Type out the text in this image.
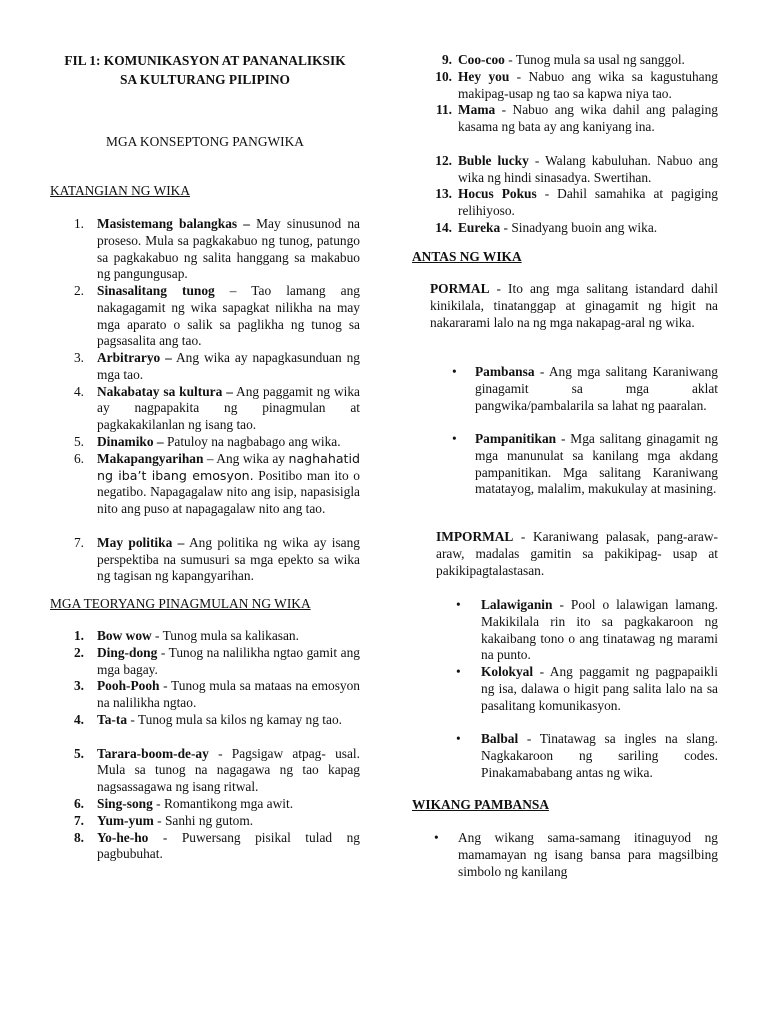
FIL 1: KOMUNIKASYON AT PANANALIKSIK

SA KULTURANG PILIPINO

MGA KONSEPTONG PANGWIKA

KATANGIAN NG WIKA

1. Masistemang balangkas – May sinusunod na proseso. Mula sa pagkakabuo ng tunog, patungo sa pagkakabuo ng salita hanggang sa makabuo ng pangungusap.
2. Sinasalitang tunog – Tao lamang ang nakagagamit ng wika sapagkat nilikha na may mga aparato o salik sa paglikha ng tunog sa pagsasalita ang tao.
3. Arbitraryo – Ang wika ay napagkasunduan ng mga tao.
4. Nakabatay sa kultura – Ang paggamit ng wika ay nagpapakita ng pinagmulan at pagkakakilanlan ng isang tao.
5. Dinamiko – Patuloy na nagbabago ang wika.
6. Makapangyarihan – Ang wika ay naghahatid ng iba’t ibang emosyon. Positibo man ito o negatibo. Napagagalaw nito ang isip, napasisigla nito ang puso at napagagalaw nito ang tao.
7. May politika – Ang politika ng wika ay isang perspektiba na sumusuri sa mga epekto sa wika ng tagisan ng kapangyarihan.

MGA TEORYANG PINAGMULAN NG WIKA

1. Bow wow - Tunog mula sa kalikasan.
2. Ding-dong - Tunog na nalilikha ngtao gamit ang mga bagay.
3. Pooh-Pooh - Tunog mula sa mataas na emosyon na nalilikha ngtao.
4. Ta-ta - Tunog mula sa kilos ng kamay ng tao.
5. Tarara-boom-de-ay - Pagsigaw atpag- usal. Mula sa tunog na nagagawa ng tao kapag nagsassagawa ng isang ritwal.
6. Sing-song - Romantikong mga awit.
7. Yum-yum - Sanhi ng gutom.
8. Yo-he-ho - Puwersang pisikal tulad ng pagbubuhat.
9. Coo-coo - Tunog mula sa usal ng sanggol.
10. Hey you - Nabuo ang wika sa kagustuhang makipag-usap ng tao sa kapwa niya tao.
11. Mama - Nabuo ang wika dahil ang palaging kasama ng bata ay ang kaniyang ina.
12. Buble lucky - Walang kabuluhan. Nabuo ang wika ng hindi sinasadya. Swertihan.
13. Hocus Pokus - Dahil samahika at pagiging relihiyoso.
14. Eureka - Sinadyang buoin ang wika.

ANTAS NG WIKA

PORMAL - Ito ang mga salitang istandard dahil kinikilala, tinatanggap at ginagamit ng higit na nakararami lalo na ng mga nakapag-aral ng wika.

• Pambansa - Ang mga salitang Karaniwang ginagamit sa mga aklat pangwika/pambalarila sa lahat ng paaralan.
• Pampanitikan - Mga salitang ginagamit ng mga manunulat sa kanilang mga akdang pampanitikan. Mga salitang Karaniwang matatayog, malalim, makukulay at masining.

IMPORMAL - Karaniwang palasak, pang-araw-araw, madalas gamitin sa pakikipag- usap at pakikipagtalastasan.

• Lalawiganin - Pool o lalawigan lamang. Makikilala rin ito sa pagkakaroon ng kakaibang tono o ang tinatawag ng marami na punto.
• Kolokyal - Ang paggamit ng pagpapaikli ng isa, dalawa o higit pang salita lalo na sa pasalitang komunikasyon.
• Balbal - Tinatawag sa ingles na slang. Nagkakaroon ng sariling codes. Pinakamababang antas ng wika.

WIKANG PAMBANSA

• Ang wikang sama-samang itinaguyod ng mamamayan ng isang bansa para magsilbing simbolo ng kanilang
